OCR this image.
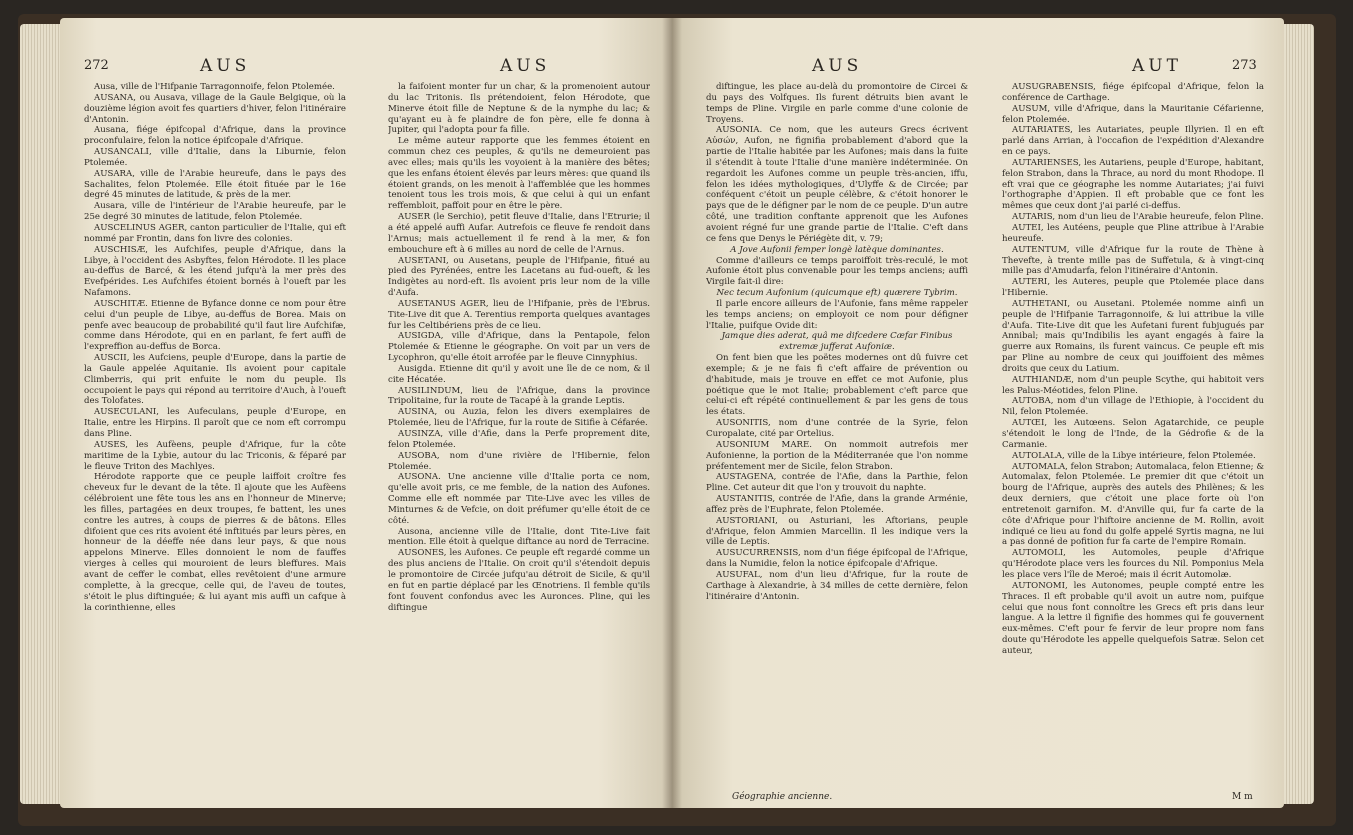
272	AUS	AUS

Ausa, ville de l'Hifpanie Tarragonnoife, felon Ptolemée.

AUSANA, ou Ausava, village de la Gaule Belgique, où la douzième légion avoit fes quartiers d'hiver, felon l'itinéraire d'Antonin.

Ausana, fiége épifcopal d'Afrique, dans la province proconfulaire, felon la notice épifcopale d'Afrique.

AUSANCALI, ville d'Italie, dans la Liburnie, felon Ptolemée.

AUSARA, ville de l'Arabie heureufe, dans le pays des Sachalites, felon Ptolemée. Elle étoit fituée par le 16e degré 45 minutes de latitude, & près de la mer.

Ausara, ville de l'intérieur de l'Arabie heureufe, par le 25e degré 30 minutes de latitude, felon Ptolemée.

AUSCELINUS AGER, canton particulier de l'Italie, qui eft nommé par Frontin, dans fon livre des colonies.

AUSCHISÆ, les Aufchifes, peuple d'Afrique, dans la Libye, à l'occident des Asbyftes, felon Hérodote. Il les place au-deffus de Barcé, & les étend jufqu'à la mer près des Evefpérides. Les Aufchifes étoient bornés à l'oueft par les Nafamons.

AUSCHITÆ. Etienne de Byfance donne ce nom pour être celui d'un peuple de Libye, au-deffus de Borea. Mais on penfe avec beaucoup de probabilité qu'il faut lire Aufchifæ, comme dans Hérodote, qui en en parlant, fe fert auffi de l'expreffion au-deffus de Borca.

AUSCII, les Aufciens, peuple d'Europe, dans la partie de la Gaule appelée Aquitanie. Ils avoient pour capitale Climberris, qui prit enfuite le nom du peuple. Ils occupoient le pays qui répond au territoire d'Auch, à l'oueft des Tolofates.

AUSECULANI, les Aufeculans, peuple d'Europe, en Italie, entre les Hirpins. Il paroît que ce nom eft corrompu dans Pline.

AUSES, les Aufèens, peuple d'Afrique, fur la côte maritime de la Lybie, autour du lac Triconis, & féparé par le fleuve Triton des Machlyes.

Hérodote rapporte que ce peuple laiffoit croître fes cheveux fur le devant de la tête. Il ajoute que les Aufèens célébroient une fête tous les ans en l'honneur de Minerve; les filles, partagées en deux troupes, fe battent, les unes contre les autres, à coups de pierres & de bâtons. Elles difoient que ces rits avoient été inftitués par leurs pères, en honneur de la déeffe née dans leur pays, & que nous appelons Minerve. Elles donnoient le nom de fauffes vierges à celles qui mouroient de leurs bleffures. Mais avant de ceffer le combat, elles revêtoient d'une armure complette, à la grecque, celle qui, de l'aveu de toutes, s'étoit le plus diftinguée; & lui ayant mis auffi un cafque à la corinthienne, elles

la faifoient monter fur un char, & la promenoient autour du lac Tritonis. Ils prétendoient, felon Hérodote, que Minerve étoit fille de Neptune & de la nymphe du lac; & qu'ayant eu à fe plaindre de fon père, elle fe donna à Jupiter, qui l'adopta pour fa fille.

Le même auteur rapporte que les femmes étoient en commun chez ces peuples, & qu'ils ne demeuroient pas avec elles; mais qu'ils les voyoient à la manière des bêtes; que les enfans étoient élevés par leurs mères: que quand ils étoient grands, on les menoit à l'affemblée que les hommes tenoient tous les trois mois, & que celui à qui un enfant reffembloit, paffoit pour en être le père.

AUSER (le Serchio), petit fleuve d'Italie, dans l'Etrurie; il a été appelé auffi Aufar. Autrefois ce fleuve fe rendoit dans l'Arnus; mais actuellement il fe rend à la mer, & fon embouchure eft à 6 milles au nord de celle de l'Arnus.

AUSETANI, ou Ausetans, peuple de l'Hifpanie, fitué au pied des Pyrénées, entre les Lacetans au fud-oueft, & les Indigètes au nord-eft. Ils avoient pris leur nom de la ville d'Aufa.

AUSETANUS AGER, lieu de l'Hifpanie, près de l'Ebrus. Tite-Live dit que A. Terentius remporta quelques avantages fur les Celtibériens près de ce lieu.

AUSIGDA, ville d'Afrique, dans la Pentapole, felon Ptolemée & Etienne le géographe. On voit par un vers de Lycophron, qu'elle étoit arrofée par le fleuve Cinnyphius.

Ausigda. Etienne dit qu'il y avoit une île de ce nom, & il cite Hécatée.

AUSILINDUM, lieu de l'Afrique, dans la province Tripolitaine, fur la route de Tacapé à la grande Leptis.

AUSINA, ou Auzia, felon les divers exemplaires de Ptolemée, lieu de l'Afrique, fur la route de Sitifie à Céfarée.

AUSINZA, ville d'Afie, dans la Perfe proprement dite, felon Ptolemée.

AUSOBA, nom d'une rivière de l'Hibernie, felon Ptolemée.

AUSONA. Une ancienne ville d'Italie porta ce nom, qu'elle avoit pris, ce me femble, de la nation des Aufones. Comme elle eft nommée par Tite-Live avec les villes de Minturnes & de Vefcie, on doit préfumer qu'elle étoit de ce côté.

Ausona, ancienne ville de l'Italie, dont Tite-Live fait mention. Elle étoit à quelque diftance au nord de Terracine.

AUSONES, les Aufones. Ce peuple eft regardé comme un des plus anciens de l'Italie. On croit qu'il s'étendoit depuis le promontoire de Circée jufqu'au détroit de Sicile, & qu'il en fut en partie déplacé par les Œnotriens. Il femble qu'ils font fouvent confondus avec les Auronces. Pline, qui les diftingue

AUS	AUT	273

diftingue, les place au-delà du promontoire de Circei & du pays des Volfques. Ils furent détruits bien avant le temps de Pline. Virgile en parle comme d'une colonie de Troyens.

AUSONIA. Ce nom, que les auteurs Grecs écrivent Αὐσών, Aufon, ne fignifia probablement d'abord que la partie de l'Italie habitée par les Aufones; mais dans la fuite il s'étendit à toute l'Italie d'une manière indéterminée. On regardoit les Aufones comme un peuple très-ancien, iffu, felon les idées mythologiques, d'Ulyffe & de Circée; par conféquent c'étoit un peuple célèbre, & c'étoit honorer le pays que de le défigner par le nom de ce peuple. D'un autre côté, une tradition conftante apprenoit que les Aufones avoient régné fur une grande partie de l'Italie. C'eft dans ce fens que Denys le Périégète dit, v. 79;

A Jove Aufonii femper longè latèque dominantes.

Comme d'ailleurs ce temps paroiffoit très-reculé, le mot Aufonie étoit plus convenable pour les temps anciens; auffi Virgile fait-il dire:

Nec tecum Aufonium (quicumque eft) quærere Tybrim.

Il parle encore ailleurs de l'Aufonie, fans même rappeler les temps anciens; on employoit ce nom pour défigner l'Italie, puifque Ovide dit:

Jamque dies aderat, quâ me difcedere Cæfar Finibus extremæ jufferat Aufoniæ.

On fent bien que les poëtes modernes ont dû fuivre cet exemple; & je ne fais fi c'eft affaire de prévention ou d'habitude, mais je trouve en effet ce mot Aufonie, plus poétique que le mot Italie; probablement c'eft parce que celui-ci eft répété continuellement & par les gens de tous les états.

AUSONITIS, nom d'une contrée de la Syrie, felon Curopalate, cité par Ortelius.

AUSONIUM MARE. On nommoit autrefois mer Aufonienne, la portion de la Méditerranée que l'on nomme préfentement mer de Sicile, felon Strabon.

AUSTAGENA, contrée de l'Afie, dans la Parthie, felon Pline. Cet auteur dit que l'on y trouvoit du naphte.

AUSTANITIS, contrée de l'Afie, dans la grande Arménie, affez près de l'Euphrate, felon Ptolemée.

AUSTORIANI, ou Asturiani, les Aftorians, peuple d'Afrique, felon Ammien Marcellin. Il les indique vers la ville de Leptis.

AUSUCURRENSIS, nom d'un fiége épifcopal de l'Afrique, dans la Numidie, felon la notice épifcopale d'Afrique.

AUSUFAL, nom d'un lieu d'Afrique, fur la route de Carthage à Alexandrie, à 34 milles de cette dernière, felon l'itinéraire d'Antonin.

AUSUGRABENSIS, fiége épifcopal d'Afrique, felon la conférence de Carthage.

AUSUM, ville d'Afrique, dans la Mauritanie Céfarienne, felon Ptolemée.

AUTARIATES, les Autariates, peuple Illyrien. Il en eft parlé dans Arrian, à l'occafion de l'expédition d'Alexandre en ce pays.

AUTARIENSES, les Autariens, peuple d'Europe, habitant, felon Strabon, dans la Thrace, au nord du mont Rhodope. Il eft vrai que ce géographe les nomme Autariates; j'ai fuivi l'orthographe d'Appien. Il eft probable que ce font les mêmes que ceux dont j'ai parlé ci-deffus.

AUTARIS, nom d'un lieu de l'Arabie heureufe, felon Pline.

AUTEI, les Autéens, peuple que Pline attribue à l'Arabie heureufe.

AUTENTUM, ville d'Afrique fur la route de Thène à Thevefte, à trente mille pas de Suffetula, & à vingt-cinq mille pas d'Amudarfa, felon l'itinéraire d'Antonin.

AUTERI, les Auteres, peuple que Ptolemée place dans l'Hibernie.

AUTHETANI, ou Ausetani. Ptolemée nomme ainfi un peuple de l'Hifpanie Tarragonnoife, & lui attribue la ville d'Aufa. Tite-Live dit que les Aufetani furent fubjugués par Annibal; mais qu'Indibilis les ayant engagés à faire la guerre aux Romains, ils furent vaincus. Ce peuple eft mis par Pline au nombre de ceux qui jouiffoient des mêmes droits que ceux du Latium.

AUTHIANDÆ, nom d'un peuple Scythe, qui habitoit vers les Palus-Méotides, felon Pline.

AUTOBA, nom d'un village de l'Ethiopie, à l'occident du Nil, felon Ptolemée.

AUTŒI, les Autœens. Selon Agatarchide, ce peuple s'étendoit le long de l'Inde, de la Gédrofie & de la Carmanie.

AUTOLALA, ville de la Libye intérieure, felon Ptolemée.

AUTOMALA, felon Strabon; Automalaca, felon Etienne; & Automalax, felon Ptolemée. Le premier dit que c'étoit un bourg de l'Afrique, auprès des autels des Philènes; & les deux derniers, que c'étoit une place forte où l'on entretenoit garnifon. M. d'Anville qui, fur fa carte de la côte d'Afrique pour l'hiftoire ancienne de M. Rollin, avoit indiqué ce lieu au fond du golfe appelé Syrtis magna, ne lui a pas donné de pofition fur fa carte de l'empire Romain.

AUTOMOLI, les Automoles, peuple d'Afrique qu'Hérodote place vers les fources du Nil. Pomponius Mela les place vers l'île de Meroé; mais il écrit Automolæ.

AUTONOMI, les Autonomes, peuple compté entre les Thraces. Il eft probable qu'il avoit un autre nom, puifque celui que nous font connoître les Grecs eft pris dans leur langue. A la lettre il fignifie des hommes qui fe gouvernent eux-mêmes. C'eft pour fe fervir de leur propre nom fans doute qu'Hérodote les appelle quelquefois Satræ. Selon cet auteur,

Géographie ancienne.	M m
